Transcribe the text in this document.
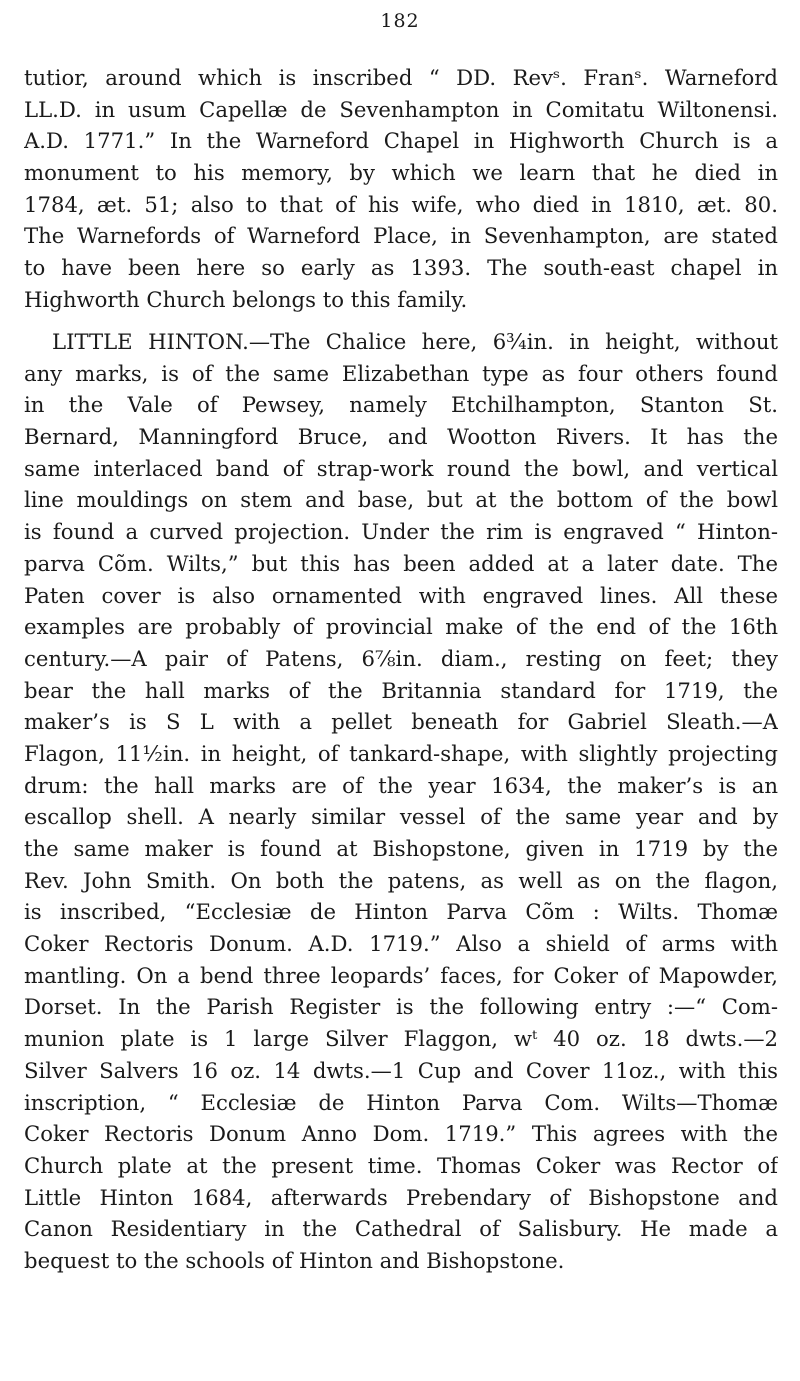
182
tutior, around which is inscribed “ DD. Revˢ. Franˢ. Warneford
LL.D. in usum Capellæ de Sevenhampton in Comitatu Wiltonensi.
A.D. 1771.” In the Warneford Chapel in Highworth Church is a
monument to his memory, by which we learn that he died in
1784, æt. 51; also to that of his wife, who died in 1810, æt. 80.
The Warnefords of Warneford Place, in Sevenhampton, are stated
to have been here so early as 1393. The south-east chapel in
Highworth Church belongs to this family.
LITTLE HINTON.—The Chalice here, 6¾in. in height, without
any marks, is of the same Elizabethan type as four others found
in the Vale of Pewsey, namely Etchilhampton, Stanton St.
Bernard, Manningford Bruce, and Wootton Rivers. It has the
same interlaced band of strap-work round the bowl, and vertical
line mouldings on stem and base, but at the bottom of the bowl
is found a curved projection. Under the rim is engraved “ Hinton-
parva Cõm. Wilts,” but this has been added at a later date. The
Paten cover is also ornamented with engraved lines. All these
examples are probably of provincial make of the end of the 16th
century.—A pair of Patens, 6⅞in. diam., resting on feet; they
bear the hall marks of the Britannia standard for 1719, the
maker’s is S L with a pellet beneath for Gabriel Sleath.—A
Flagon, 11½in. in height, of tankard-shape, with slightly projecting
drum: the hall marks are of the year 1634, the maker’s is an
escallop shell. A nearly similar vessel of the same year and by
the same maker is found at Bishopstone, given in 1719 by the
Rev. John Smith. On both the patens, as well as on the flagon,
is inscribed, “Ecclesiæ de Hinton Parva Cõm : Wilts. Thomæ
Coker Rectoris Donum. A.D. 1719.” Also a shield of arms with
mantling. On a bend three leopards’ faces, for Coker of Mapowder,
Dorset. In the Parish Register is the following entry :—“ Com-
munion plate is 1 large Silver Flaggon, wᵗ 40 oz. 18 dwts.—2
Silver Salvers 16 oz. 14 dwts.—1 Cup and Cover 11oz., with this
inscription, “ Ecclesiæ de Hinton Parva Com. Wilts—Thomæ
Coker Rectoris Donum Anno Dom. 1719.” This agrees with the
Church plate at the present time. Thomas Coker was Rector of
Little Hinton 1684, afterwards Prebendary of Bishopstone and
Canon Residentiary in the Cathedral of Salisbury. He made a
bequest to the schools of Hinton and Bishopstone.
